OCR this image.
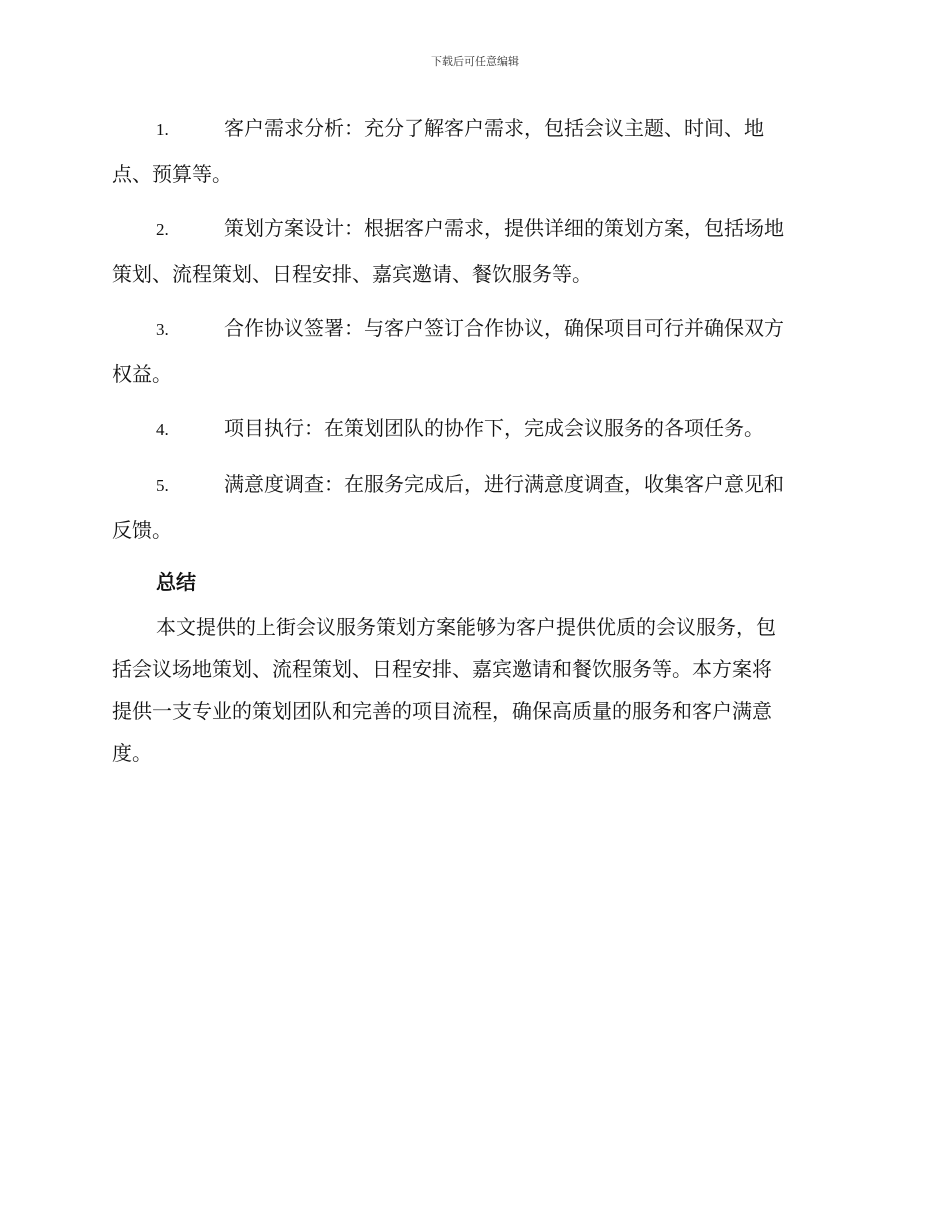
下载后可任意编辑
1.	客户需求分析：充分了解客户需求，包括会议主题、时间、地
点、预算等。
2.	策划方案设计：根据客户需求，提供详细的策划方案，包括场地
策划、流程策划、日程安排、嘉宾邀请、餐饮服务等。
3.	合作协议签署：与客户签订合作协议，确保项目可行并确保双方
权益。
4.	项目执行：在策划团队的协作下，完成会议服务的各项任务。
5.	满意度调查：在服务完成后，进行满意度调查，收集客户意见和
反馈。
总结
本文提供的上街会议服务策划方案能够为客户提供优质的会议服务，包
括会议场地策划、流程策划、日程安排、嘉宾邀请和餐饮服务等。本方案将
提供一支专业的策划团队和完善的项目流程，确保高质量的服务和客户满意
度。
